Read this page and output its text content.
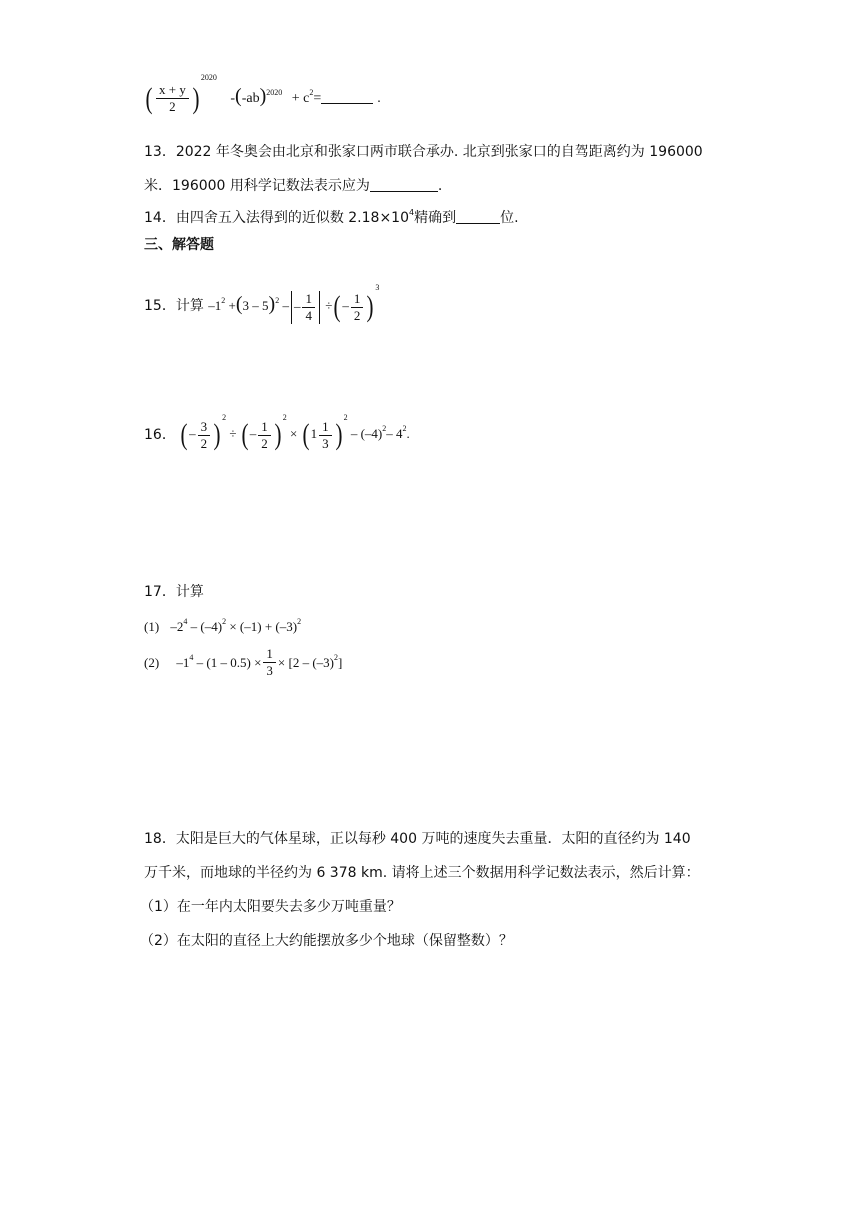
( $\frac{x + y}{2} )^{2020}$ $-(-ab)^{2020} + c^2=$	.
13．2022 年冬奥会由北京和张家口两市联合承办. 北京到张家口的自驾距离约为 196000
米．196000 用科学记数法表示应为	.
14．由四舍五入法得到的近似数 $2.18\times 10^4$精确到	位.
三、解答题
15．计算 $-1^2 +(3 - 5)^2$ – – $\frac{1}{4}$ ÷( – $\frac{1}{2} )^3$
16． ( – $\frac{3}{2} )^2$ ÷ ( – $\frac{1}{2} )^2$ × ( $1 \frac{1}{3} )^2 - (-4)^2-$ $4^2$.
17．计算
(1) $-2^4 - (-4)^2 \times (-1) + (-3)^2$
(2) $-1^4 - (1 - 0.5) \times \frac{1}{3} \times [2 - (-3)^2]$
18．太阳是巨大的气体星球，正以每秒 400 万吨的速度失去重量．太阳的直径约为 140
万千米，而地球的半径约为 6 378 km. 请将上述三个数据用科学记数法表示，然后计算：
（1）在一年内太阳要失去多少万吨重量？
（2）在太阳的直径上大约能摆放多少个地球（保留整数）？
